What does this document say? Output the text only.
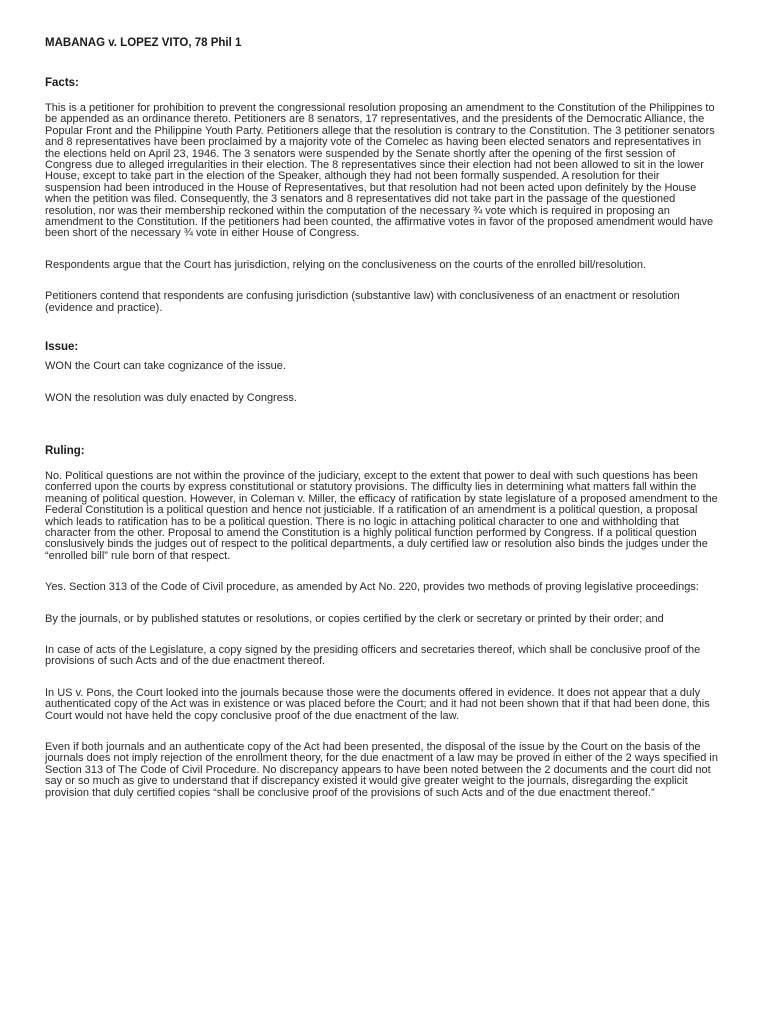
MABANAG v. LOPEZ VITO, 78 Phil 1
Facts:
This is a petitioner for prohibition to prevent the congressional resolution proposing an amendment to the Constitution of the Philippines to be appended as an ordinance thereto. Petitioners are 8 senators, 17 representatives, and the presidents of the Democratic Alliance, the Popular Front and the Philippine Youth Party. Petitioners allege that the resolution is contrary to the Constitution. The 3 petitioner senators and 8 representatives have been proclaimed by a majority vote of the Comelec as having been elected senators and representatives in the elections held on April 23, 1946. The 3 senators were suspended by the Senate shortly after the opening of the first session of Congress due to alleged irregularities in their election. The 8 representatives since their election had not been allowed to sit in the lower House, except to take part in the election of the Speaker, although they had not been formally suspended. A resolution for their suspension had been introduced in the House of Representatives, but that resolution had not been acted upon definitely by the House when the petition was filed. Consequently, the 3 senators and 8 representatives did not take part in the passage of the questioned resolution, nor was their membership reckoned within the computation of the necessary ¾ vote which is required in proposing an amendment to the Constitution. If the petitioners had been counted, the affirmative votes in favor of the proposed amendment would have been short of the necessary ¾ vote in either House of Congress.
Respondents argue that the Court has jurisdiction, relying on the conclusiveness on the courts of the enrolled bill/resolution.
Petitioners contend that respondents are confusing jurisdiction (substantive law) with conclusiveness of an enactment or resolution (evidence and practice).
Issue:
WON the Court can take cognizance of the issue.
WON the resolution was duly enacted by Congress.
Ruling:
No. Political questions are not within the province of the judiciary, except to the extent that power to deal with such questions has been conferred upon the courts by express constitutional or statutory provisions. The difficulty lies in determining what matters fall within the meaning of political question. However, in Coleman v. Miller, the efficacy of ratification by state legislature of a proposed amendment to the Federal Constitution is a political question and hence not justiciable. If a ratification of an amendment is a political question, a proposal which leads to ratification has to be a political question. There is no logic in attaching political character to one and withholding that character from the other. Proposal to amend the Constitution is a highly political function performed by Congress. If a political question conslusively binds the judges out of respect to the political departments, a duly certified law or resolution also binds the judges under the “enrolled bill” rule born of that respect.
Yes. Section 313 of the Code of Civil procedure, as amended by Act No. 220, provides two methods of proving legislative proceedings:
By the journals, or by published statutes or resolutions, or copies certified by the clerk or secretary or printed by their order; and
In case of acts of the Legislature, a copy signed by the presiding officers and secretaries thereof, which shall be conclusive proof of the provisions of such Acts and of the due enactment thereof.
In US v. Pons, the Court looked into the journals because those were the documents offered in evidence. It does not appear that a duly authenticated copy of the Act was in existence or was placed before the Court; and it had not been shown that if that had been done, this Court would not have held the copy conclusive proof of the due enactment of the law.
Even if both journals and an authenticate copy of the Act had been presented, the disposal of the issue by the Court on the basis of the journals does not imply rejection of the enrollment theory, for the due enactment of a law may be proved in either of the 2 ways specified in Section 313 of The Code of Civil Procedure. No discrepancy appears to have been noted between the 2 documents and the court did not say or so much as give to understand that if discrepancy existed it would give greater weight to the journals, disregarding the explicit provision that duly certified copies “shall be conclusive proof of the provisions of such Acts and of the due enactment thereof.”
